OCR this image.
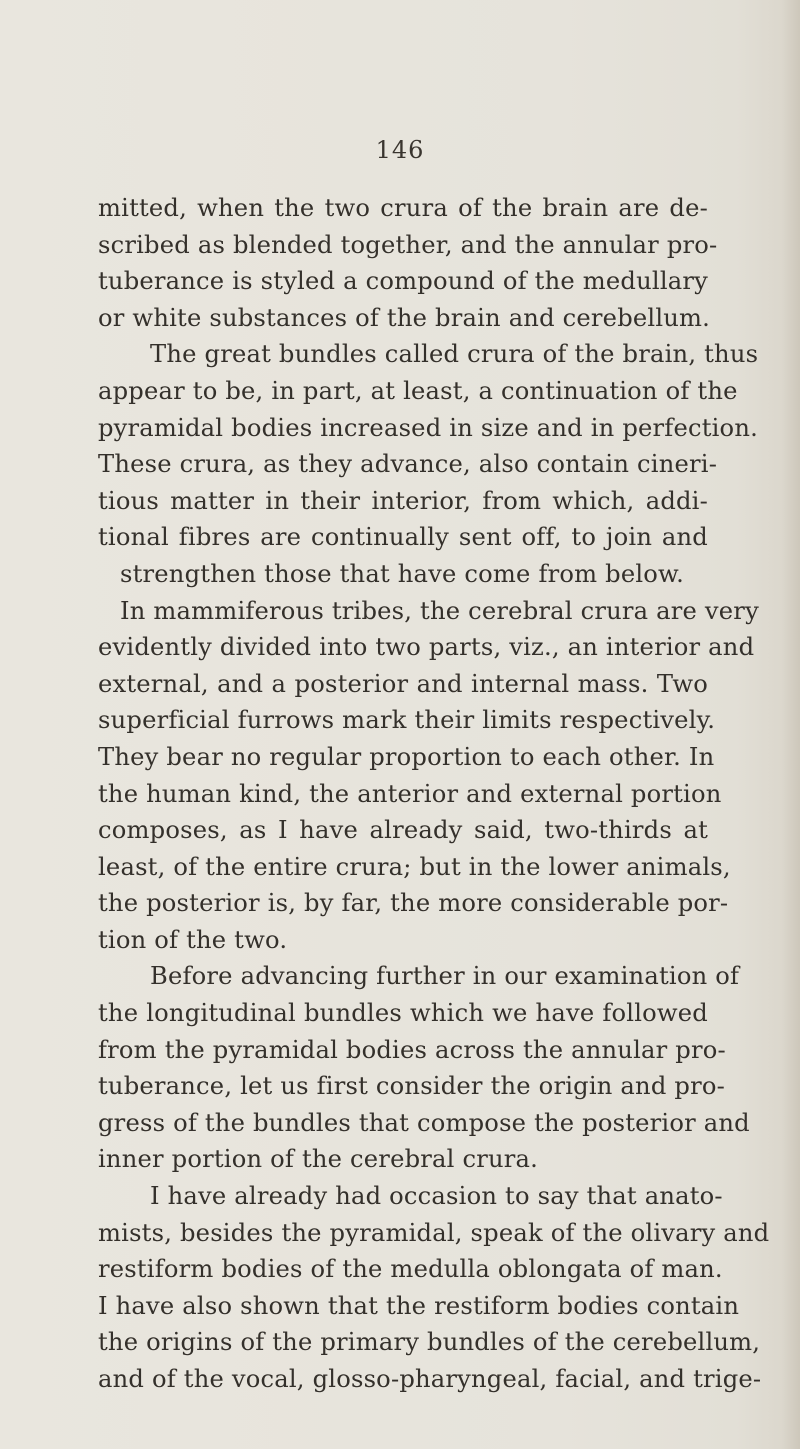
146
mitted, when the two crura of the brain are de-
scribed as blended together, and the annular pro-
tuberance is styled a compound of the medullary
or white substances of the brain and cerebellum.
The great bundles called crura of the brain, thus
appear to be, in part, at least, a continuation of the
pyramidal bodies increased in size and in perfection.
These crura, as they advance, also contain cineri-
tious matter in their interior, from which, addi-
tional fibres are continually sent off, to join and
strengthen those that have come from below.
In mammiferous tribes, the cerebral crura are very
evidently divided into two parts, viz., an interior and
external, and a posterior and internal mass. Two
superficial furrows mark their limits respectively.
They bear no regular proportion to each other. In
the human kind, the anterior and external portion
composes, as I have already said, two-thirds at
least, of the entire crura; but in the lower animals,
the posterior is, by far, the more considerable por-
tion of the two.
Before advancing further in our examination of
the longitudinal bundles which we have followed
from the pyramidal bodies across the annular pro-
tuberance, let us first consider the origin and pro-
gress of the bundles that compose the posterior and
inner portion of the cerebral crura.
I have already had occasion to say that anato-
mists, besides the pyramidal, speak of the olivary and
restiform bodies of the medulla oblongata of man.
I have also shown that the restiform bodies contain
the origins of the primary bundles of the cerebellum,
and of the vocal, glosso-pharyngeal, facial, and trige-
